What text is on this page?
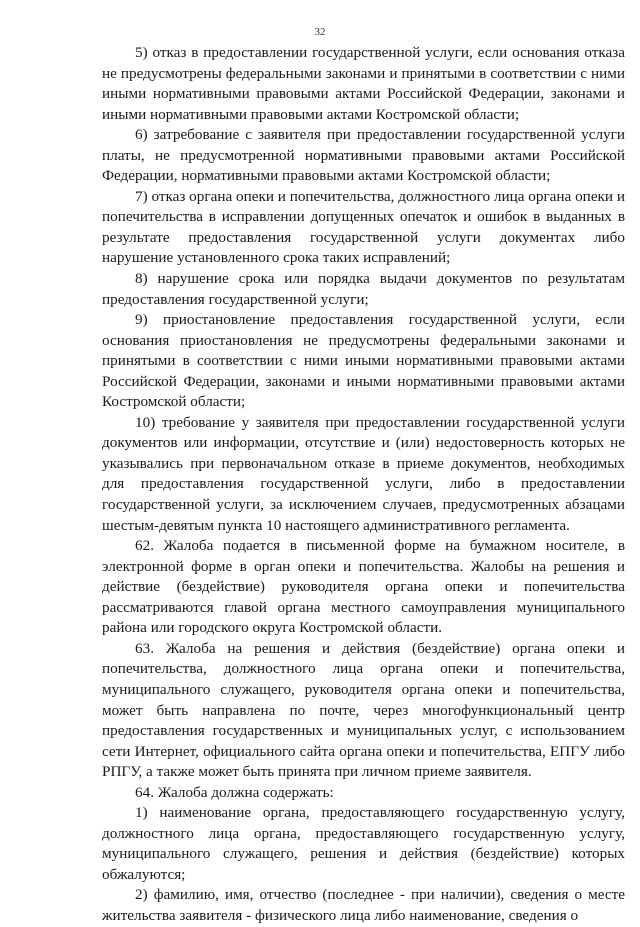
32

5) отказ в предоставлении государственной услуги, если основания отказа не предусмотрены федеральными законами и принятыми в соответствии с ними иными нормативными правовыми актами Российской Федерации, законами и иными нормативными правовыми актами Костромской области;

6) затребование с заявителя при предоставлении государственной услуги платы, не предусмотренной нормативными правовыми актами Российской Федерации, нормативными правовыми актами Костромской области;

7) отказ органа опеки и попечительства, должностного лица органа опеки и попечительства в исправлении допущенных опечаток и ошибок в выданных в результате предоставления государственной услуги документах либо нарушение установленного срока таких исправлений;

8) нарушение срока или порядка выдачи документов по результатам предоставления государственной услуги;

9) приостановление предоставления государственной услуги, если основания приостановления не предусмотрены федеральными законами и принятыми в соответствии с ними иными нормативными правовыми актами Российской Федерации, законами и иными нормативными правовыми актами Костромской области;

10) требование у заявителя при предоставлении государственной услуги документов или информации, отсутствие и (или) недостоверность которых не указывались при первоначальном отказе в приеме документов, необходимых для предоставления государственной услуги, либо в предоставлении государственной услуги, за исключением случаев, предусмотренных абзацами шестым-девятым пункта 10 настоящего административного регламента.

62. Жалоба подается в письменной форме на бумажном носителе, в электронной форме в орган опеки и попечительства. Жалобы на решения и действие (бездействие) руководителя органа опеки и попечительства рассматриваются главой органа местного самоуправления муниципального района или городского округа Костромской области.

63. Жалоба на решения и действия (бездействие) органа опеки и попечительства, должностного лица органа опеки и попечительства, муниципального служащего, руководителя органа опеки и попечительства, может быть направлена по почте, через многофункциональный центр предоставления государственных и муниципальных услуг, с использованием сети Интернет, официального сайта органа опеки и попечительства, ЕПГУ либо РПГУ, а также может быть принята при личном приеме заявителя.

64. Жалоба должна содержать:

1) наименование органа, предоставляющего государственную услугу, должностного лица органа, предоставляющего государственную услугу, муниципального служащего, решения и действия (бездействие) которых обжалуются;

2) фамилию, имя, отчество (последнее - при наличии), сведения о месте жительства заявителя - физического лица либо наименование, сведения о
